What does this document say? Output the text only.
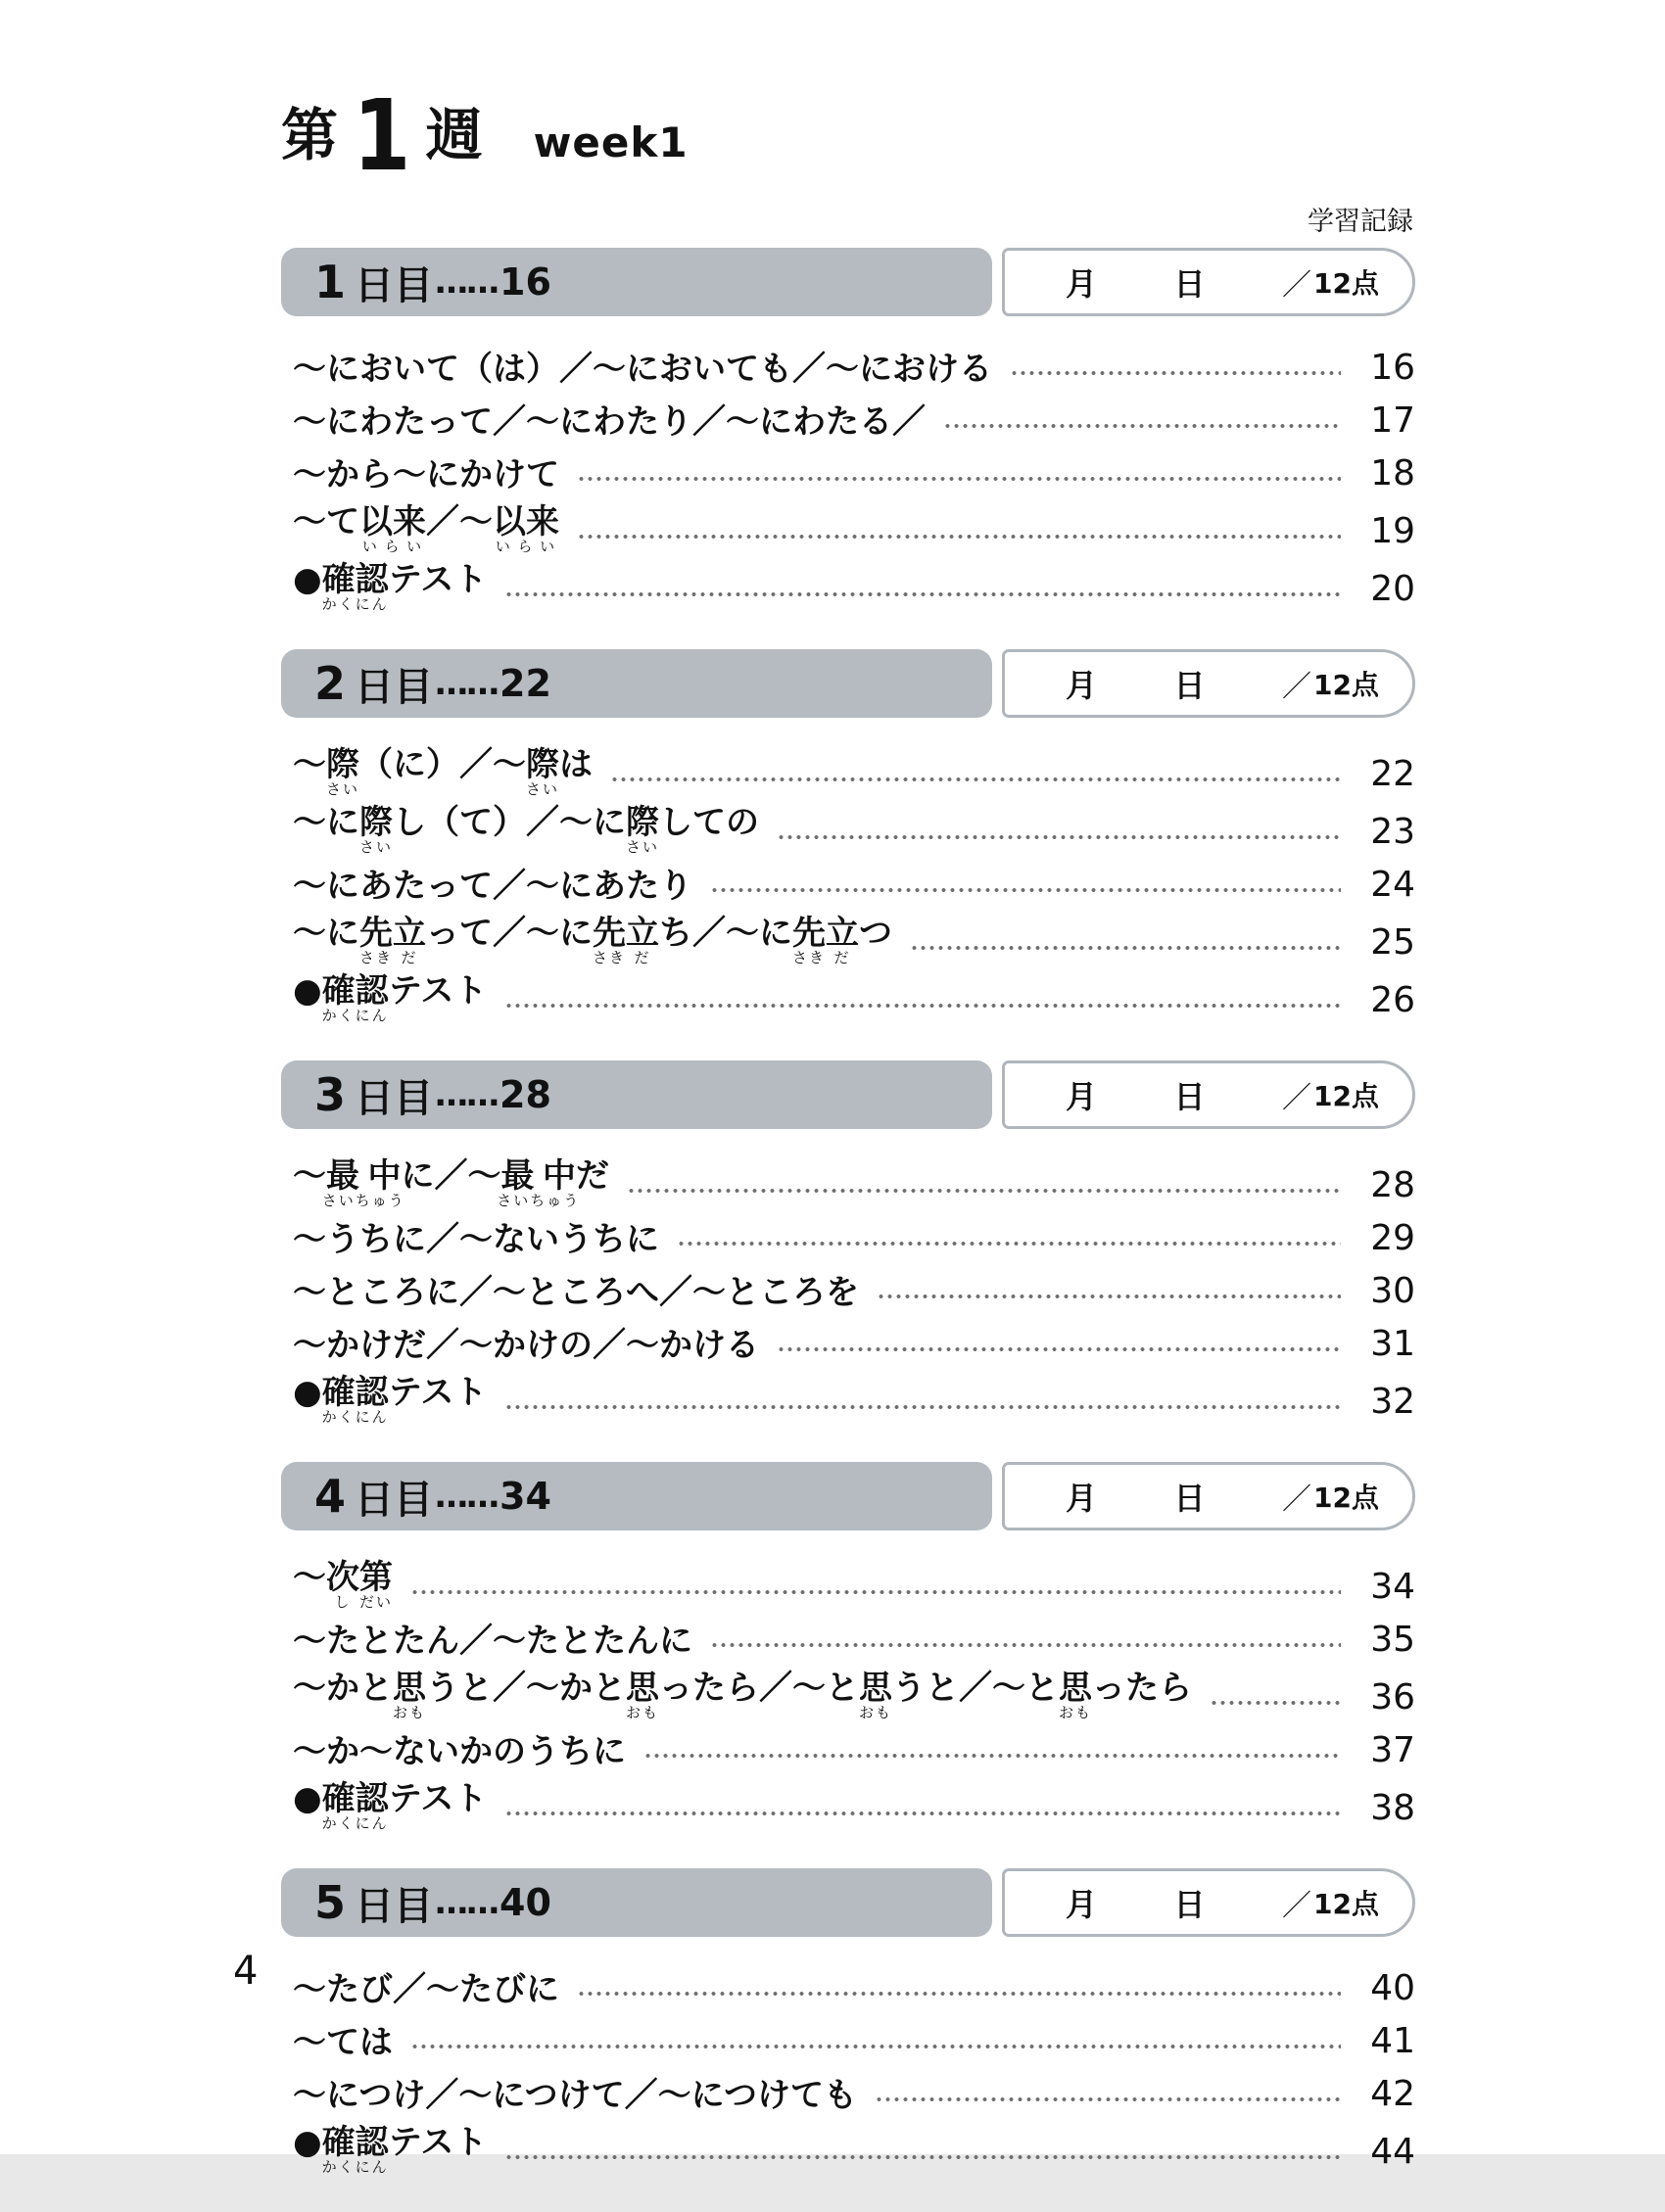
第 1 週 week1
学習記録
1 日目 …… 16	月 日	／ 12点
〜において（は）／〜においても／〜における	16
〜にわたって／〜にわたり／〜にわたる／	17
〜から〜にかけて	18
〜て以来いらい／〜以来いらい	19
●確認かくにんテスト	20
2 日目 …… 22	月 日	／ 12点
〜際さい（に）／〜際さいは	22
〜に際さいし（て）／〜に際さいしての	23
〜にあたって／〜にあたり	24
〜に先さき立だって／〜に先さき立だち／〜に先さき立だつ	25
●確認かくにんテスト	26
3 日目 …… 28	月 日	／ 12点
〜最中さいちゅうに／〜最中さいちゅうだ	28
〜うちに／〜ないうちに	29
〜ところに／〜ところへ／〜ところを	30
〜かけだ／〜かけの／〜かける	31
●確認かくにんテスト	32
4 日目 …… 34	月 日	／ 12点
〜次し第だい	34
〜たとたん／〜たとたんに	35
〜かと思おもうと／〜かと思おもったら／〜と思おもうと／〜と思おもったら	36
〜か〜ないかのうちに	37
●確認かくにんテスト	38
5 日目 …… 40	月 日	／ 12点
〜たび／〜たびに	40
〜ては	41
〜につけ／〜につけて／〜につけても	42
●確認かくにんテスト	44
4
